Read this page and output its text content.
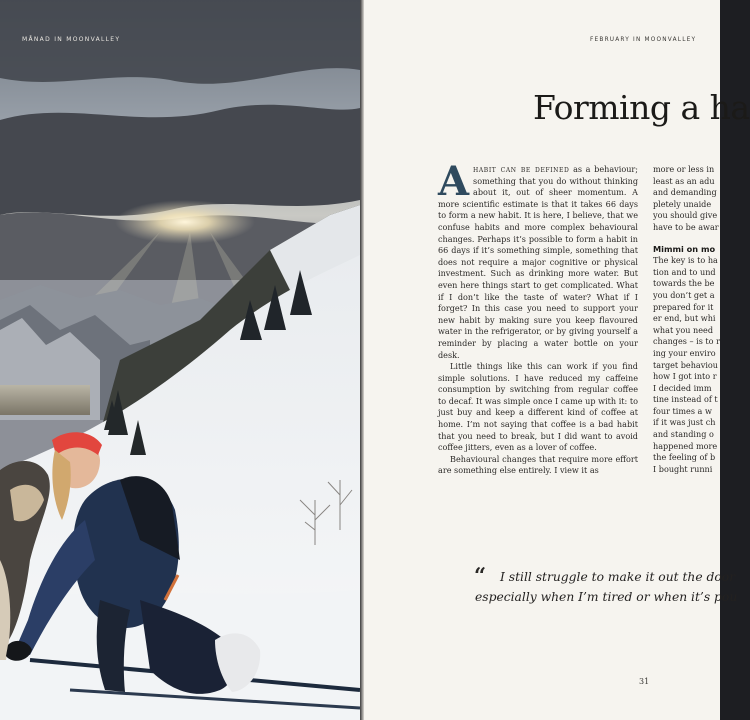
MÅNAD IN MOONVALLEY	FEBRUARY IN MOONVALLEY
Forming a ha

Ahabit can be defined as a behaviour; something that you do without thinking about it, out of sheer momentum. A more scientific estimate is that it takes 66 days to form a new habit. It is here, I believe, that we confuse habits and more complex behavioural changes. Perhaps it’s possible to form a habit in 66 days if it’s something simple, something that does not require a major cognitive or physical investment. Such as drinking more water. But even here things start to get complicated. What if I don’t like the taste of water? What if I forget? In this case you need to support your new habit by making sure you keep flavoured water in the refrigerator, or by giving yourself a reminder by placing a water bottle on your desk.

Little things like this can work if you find simple solutions. I have reduced my caffeine consumption by switching from regular coffee to decaf. It was simple once I came up with it: to just buy and keep a different kind of coffee at home. I’m not saying that coffee is a bad habit that you need to break, but I did want to avoid coffee jitters, even as a lover of coffee.

Behavioural changes that require more effort are something else entirely. I view it as

more or less in
least as an adu
and demanding
pletely unaide
you should give
have to be awar
Mimmi on mo
The key is to ha
tion and to und
towards the be
you don’t get a
prepared for it
er end, but whi
what you need
changes – is to r
ing your enviro
target behaviou
how I got into r
I decided imm
tine instead of t
four times a w
if it was just ch
and standing o
happened more
the feeling of b
I bought runni
“ I still struggle to make it out the door
especially when I’m tired or when it’s pou
31
